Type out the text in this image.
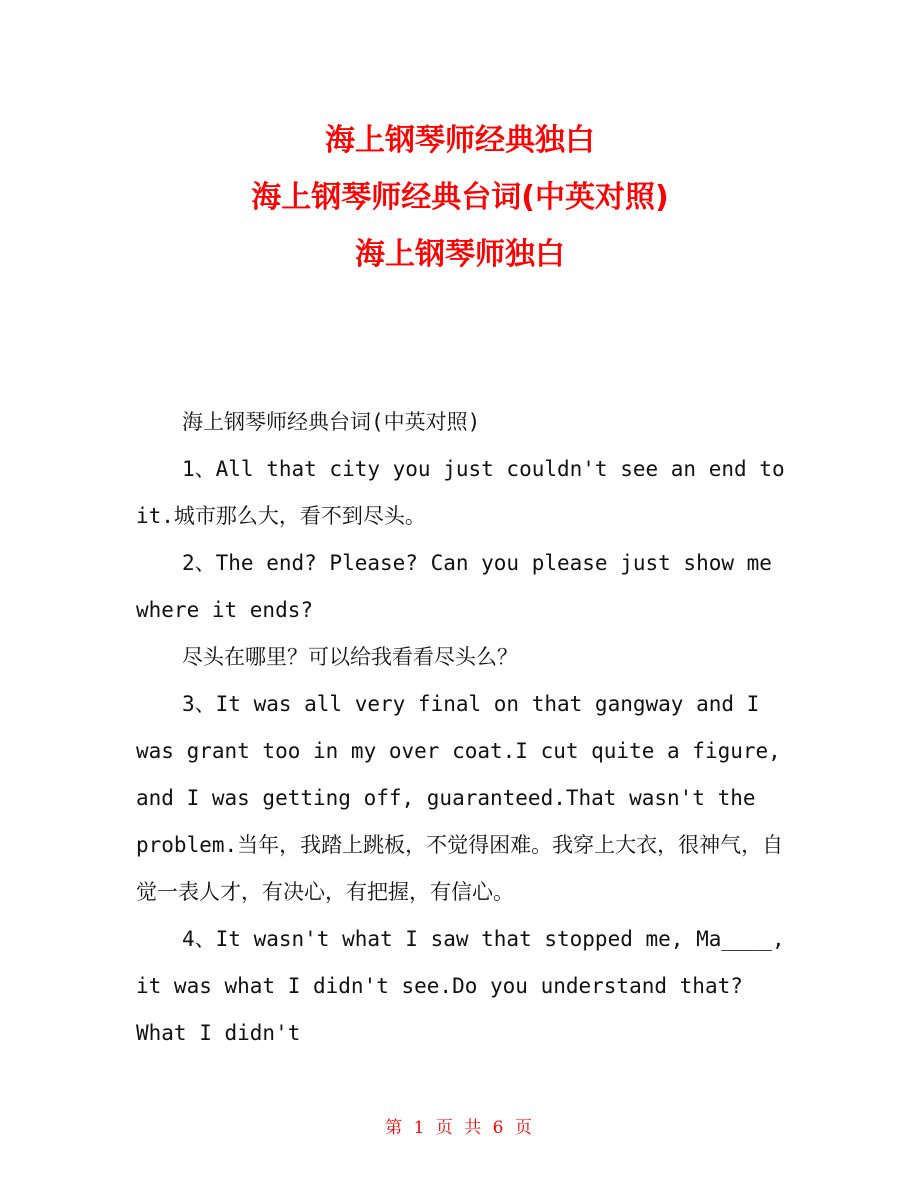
海上钢琴师经典独白
海上钢琴师经典台词(中英对照)
海上钢琴师独白

海上钢琴师经典台词(中英对照)

1、All that city you just couldn't see an end to it.城市那么大，看不到尽头。

2、The end? Please? Can you please just show me where it ends?

尽头在哪里？可以给我看看尽头么？

3、It was all very final on that gangway and I was grant too in my over coat.I cut quite a figure, and I was getting off, guaranteed.That wasn't the problem.当年，我踏上跳板，不觉得困难。我穿上大衣，很神气，自觉一表人才，有决心，有把握，有信心。

4、It wasn't what I saw that stopped me, Ma____, it was what I didn't see.Do you understand that? What I didn't

第 1 页 共 6 页
